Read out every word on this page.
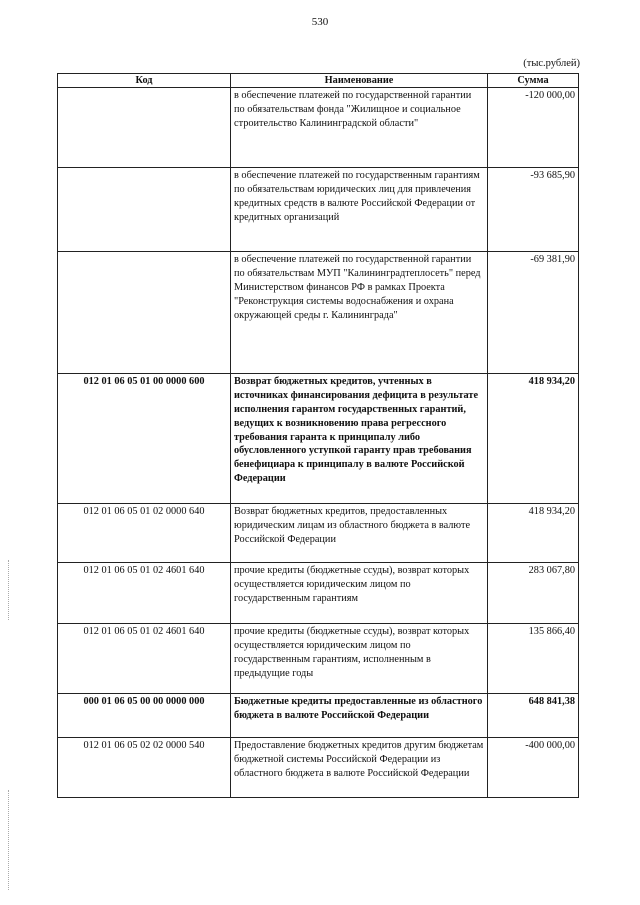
530
(тыс.рублей)
Код	Наименование	Сумма
	в обеспечение платежей по государственной гарантии по обязательствам фонда "Жилищное и социальное строительство Калининградской области"	-120 000,00
	в обеспечение платежей по государственным гарантиям по обязательствам юридических лиц для привлечения кредитных средств в валюте Российской Федерации от кредитных организаций	-93 685,90
	в обеспечение платежей по государственной гарантии по обязательствам МУП "Калининградтеплосеть" перед Министерством финансов РФ в рамках Проекта "Реконструкция системы водоснабжения и охрана окружающей среды г. Калининграда"	-69 381,90
012 01 06 05 01 00 0000 600	Возврат бюджетных кредитов, учтенных в источниках финансирования дефицита в результате исполнения гарантом государственных гарантий, ведущих к возникновению права регрессного требования гаранта к принципалу либо обусловленного уступкой гаранту прав требования бенефициара к принципалу в валюте Российской Федерации	418 934,20
012 01 06 05 01 02 0000 640	Возврат бюджетных кредитов, предоставленных юридическим лицам из областного бюджета в валюте Российской Федерации	418 934,20
012 01 06 05 01 02 4601 640	прочие кредиты (бюджетные ссуды), возврат которых осуществляется юридическим лицом по государственным гарантиям	283 067,80
012 01 06 05 01 02 4601 640	прочие кредиты (бюджетные ссуды), возврат которых осуществляется юридическим лицом по государственным гарантиям, исполненным в предыдущие годы	135 866,40
000 01 06 05 00 00 0000 000	Бюджетные кредиты предоставленные из областного бюджета в валюте Российской Федерации	648 841,38
012 01 06 05 02 02 0000 540	Предоставление бюджетных кредитов другим бюджетам бюджетной системы Российской Федерации из областного бюджета в валюте Российской Федерации	-400 000,00
